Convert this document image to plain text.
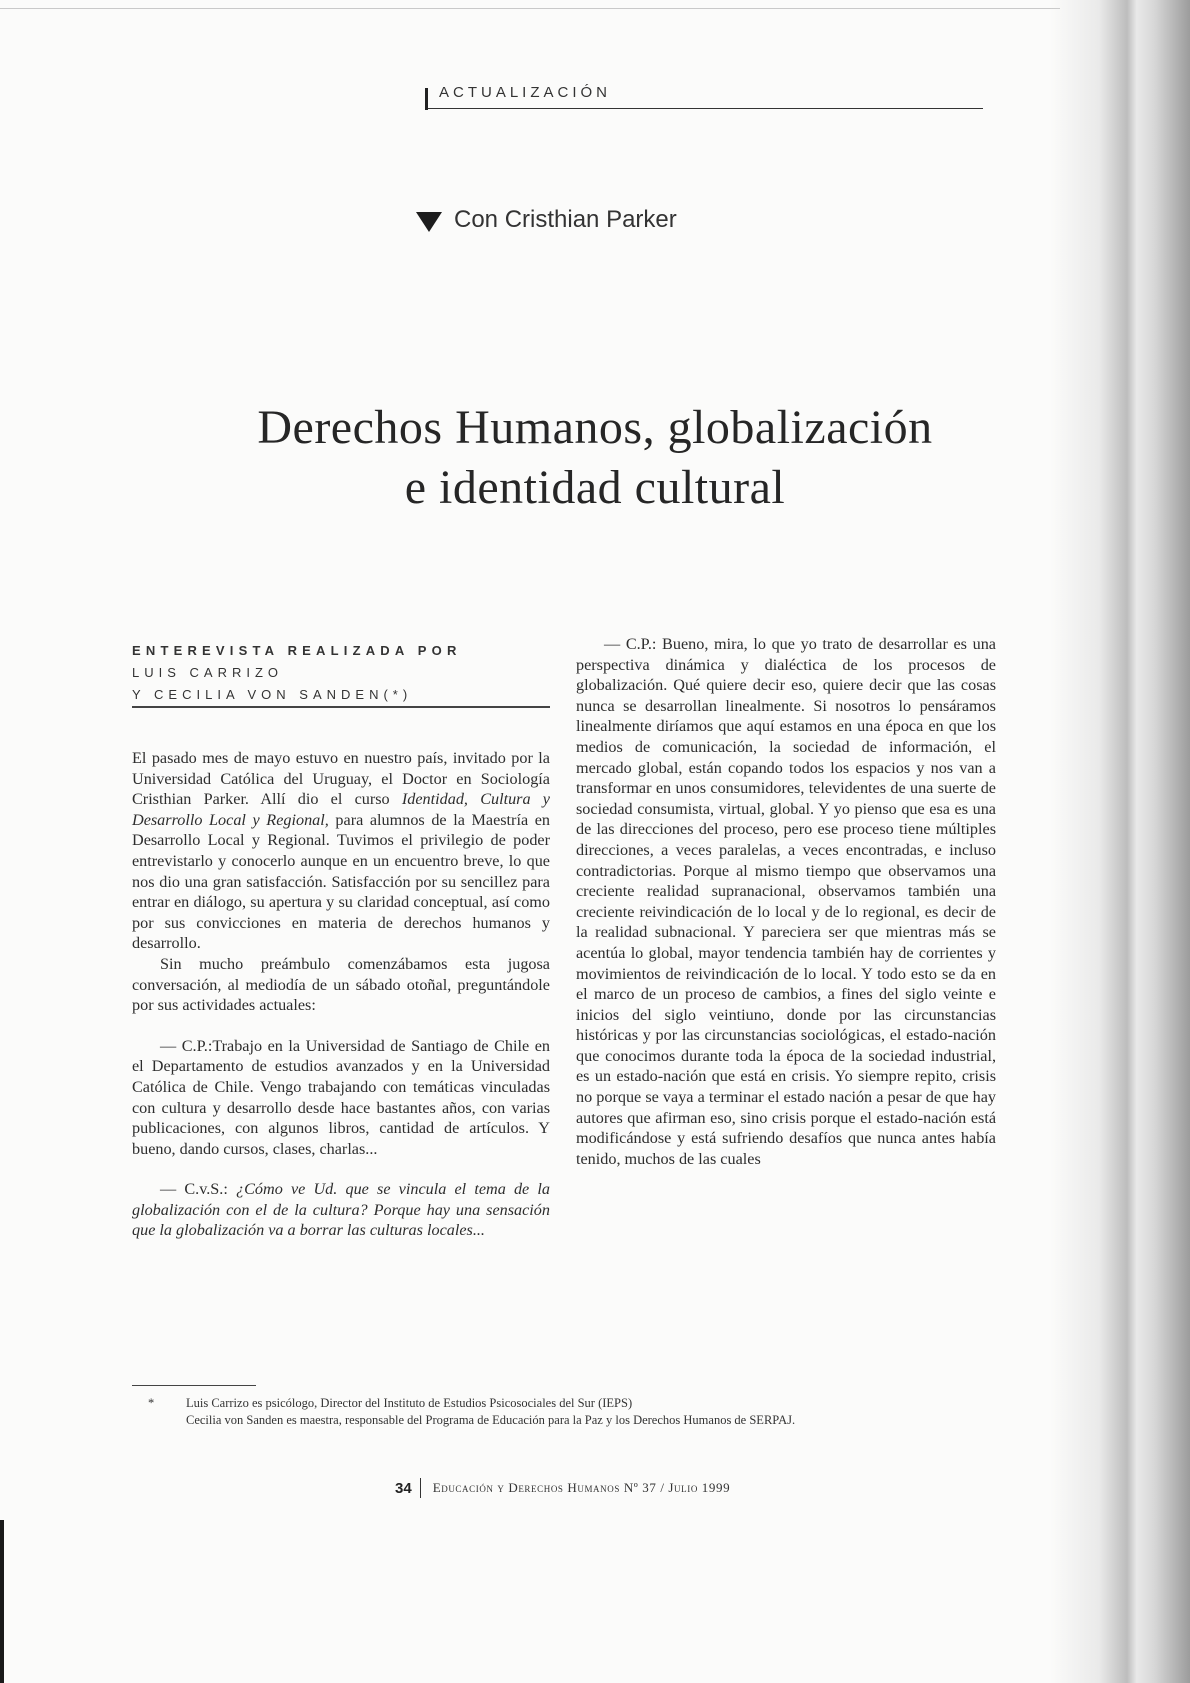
ACTUALIZACIÓN
Con Cristhian Parker
Derechos Humanos, globalización
e identidad cultural
ENTEREVISTA REALIZADA POR
LUIS CARRIZO
Y CECILIA VON SANDEN(*)

El pasado mes de mayo estuvo en nuestro país, invitado por la Universidad Católica del Uruguay, el Doctor en Sociología Cristhian Parker. Allí dio el curso Identidad, Cultura y Desarrollo Local y Regional, para alumnos de la Maestría en Desarrollo Local y Regional. Tuvimos el privilegio de poder entrevistarlo y conocerlo aunque en un encuentro breve, lo que nos dio una gran satisfacción. Satisfacción por su sencillez para entrar en diálogo, su apertura y su claridad conceptual, así como por sus convicciones en materia de derechos humanos y desarrollo.

Sin mucho preámbulo comenzábamos esta jugosa conversación, al mediodía de un sábado otoñal, preguntándole por sus actividades actuales:

— C.P.:Trabajo en la Universidad de Santiago de Chile en el Departamento de estudios avanzados y en la Universidad Católica de Chile. Vengo trabajando con temáticas vinculadas con cultura y desarrollo desde hace bastantes años, con varias publicaciones, con algunos libros, cantidad de artículos. Y bueno, dando cursos, clases, charlas...

— C.v.S.: ¿Cómo ve Ud. que se vincula el tema de la globalización con el de la cultura? Porque hay una sensación que la globalización va a borrar las culturas locales...

— C.P.: Bueno, mira, lo que yo trato de desarrollar es una perspectiva dinámica y dialéctica de los procesos de globalización. Qué quiere decir eso, quiere decir que las cosas nunca se desarrollan linealmente. Si nosotros lo pensáramos linealmente diríamos que aquí estamos en una época en que los medios de comunicación, la sociedad de información, el mercado global, están copando todos los espacios y nos van a transformar en unos consumidores, televidentes de una suerte de sociedad consumista, virtual, global. Y yo pienso que esa es una de las direcciones del proceso, pero ese proceso tiene múltiples direcciones, a veces paralelas, a veces encontradas, e incluso contradictorias. Porque al mismo tiempo que observamos una creciente realidad supranacional, observamos también una creciente reivindicación de lo local y de lo regional, es decir de la realidad subnacional. Y pareciera ser que mientras más se acentúa lo global, mayor tendencia también hay de corrientes y movimientos de reivindicación de lo local. Y todo esto se da en el marco de un proceso de cambios, a fines del siglo veinte e inicios del siglo veintiuno, donde por las circunstancias históricas y por las circunstancias sociológicas, el estado-nación que conocimos durante toda la época de la sociedad industrial, es un estado-nación que está en crisis. Yo siempre repito, crisis no porque se vaya a terminar el estado nación a pesar de que hay autores que afirman eso, sino crisis porque el estado-nación está modificándose y está sufriendo desafíos que nunca antes había tenido, muchos de las cuales

*	Luis Carrizo es psicólogo, Director del Instituto de Estudios Psicosociales del Sur (IEPS)
Cecilia von Sanden es maestra, responsable del Programa de Educación para la Paz y los Derechos Humanos de SERPAJ.
34 Educación y Derechos Humanos Nº 37 / Julio 1999
